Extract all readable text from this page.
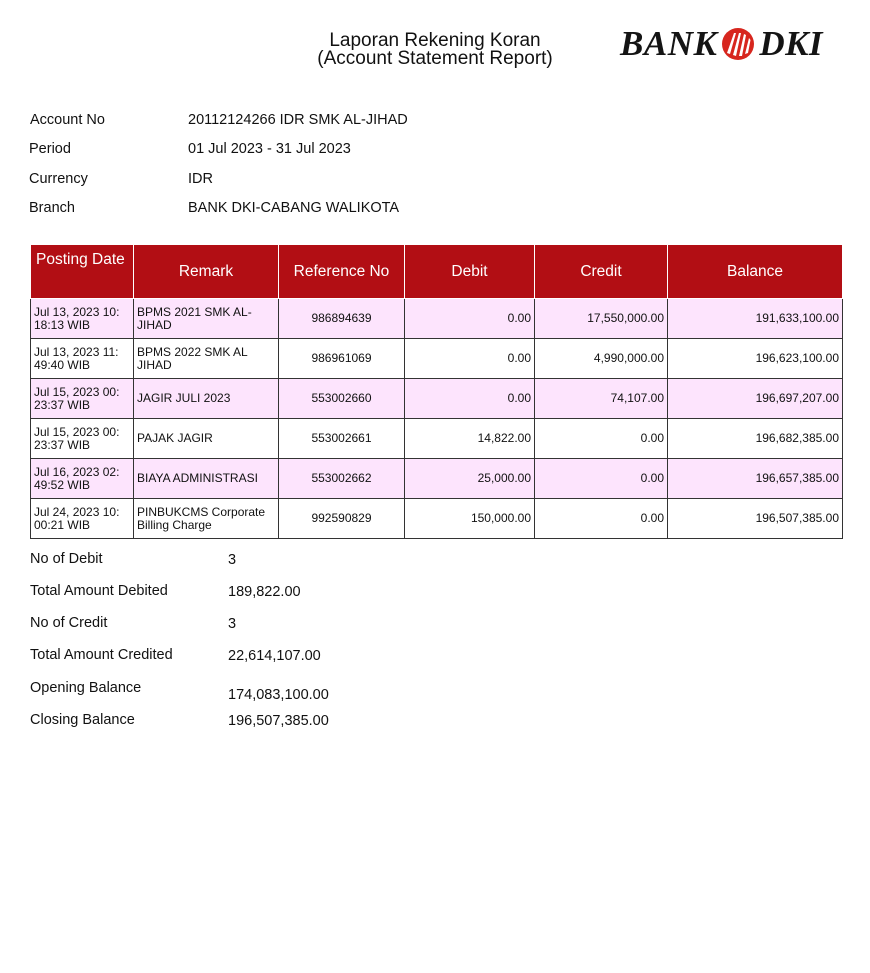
Laporan Rekening Koran
(Account Statement Report)	BANK DKI
Account No	20112124266 IDR SMK AL-JIHAD
Period	01 Jul 2023 - 31 Jul 2023
Currency	IDR
Branch	BANK DKI-CABANG WALIKOTA
Posting Date	Remark	Reference No	Debit	Credit	Balance
Jul 13, 2023 10:
18:13 WIB	BPMS 2021 SMK AL-
JIHAD	986894639	0.00	17,550,000.00	191,633,100.00
Jul 13, 2023 11:
49:40 WIB	BPMS 2022 SMK AL
JIHAD	986961069	0.00	4,990,000.00	196,623,100.00
Jul 15, 2023 00:
23:37 WIB	JAGIR JULI 2023	553002660	0.00	74,107.00	196,697,207.00
Jul 15, 2023 00:
23:37 WIB	PAJAK JAGIR	553002661	14,822.00	0.00	196,682,385.00
Jul 16, 2023 02:
49:52 WIB	BIAYA ADMINISTRASI	553002662	25,000.00	0.00	196,657,385.00
Jul 24, 2023 10:
00:21 WIB	PINBUKCMS Corporate
Billing Charge	992590829	150,000.00	0.00	196,507,385.00
No of Debit	3
Total Amount Debited	189,822.00
No of Credit	3
Total Amount Credited	22,614,107.00
Opening Balance	174,083,100.00
Closing Balance	196,507,385.00
